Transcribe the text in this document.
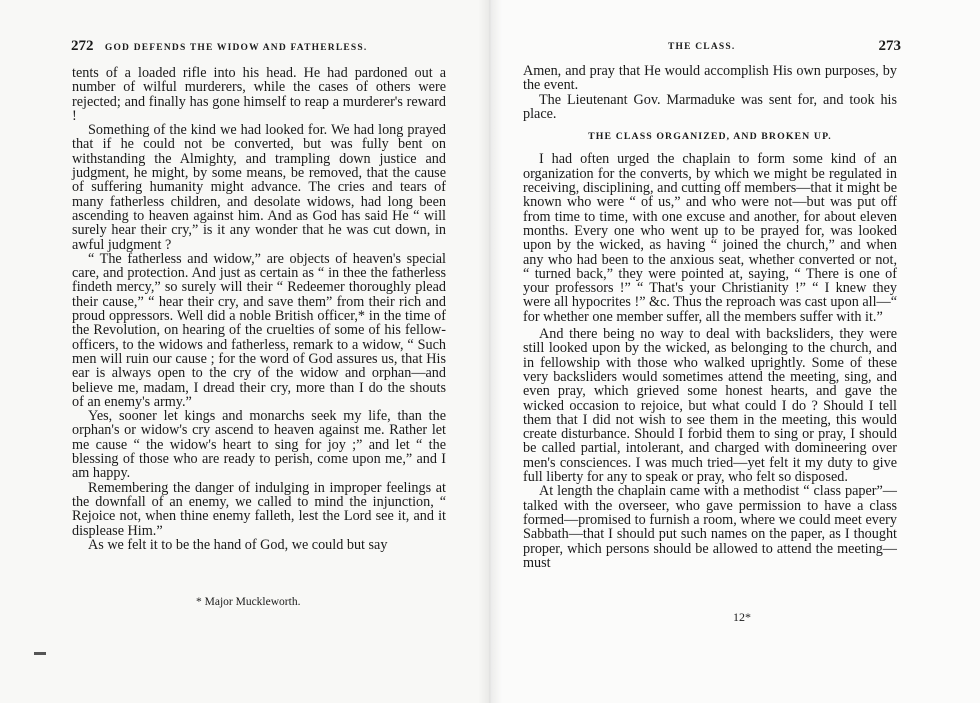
272 GOD DEFENDS THE WIDOW AND FATHERLESS.

tents of a loaded rifle into his head. He had pardoned out a number of wilful murderers, while the cases of others were rejected; and finally has gone himself to reap a murderer's reward !

Something of the kind we had looked for. We had long prayed that if he could not be converted, but was fully bent on withstanding the Almighty, and trampling down justice and judgment, he might, by some means, be removed, that the cause of suffering humanity might advance. The cries and tears of many fatherless children, and desolate widows, had long been ascending to heaven against him. And as God has said He “ will surely hear their cry,” is it any wonder that he was cut down, in awful judgment ?

“ The fatherless and widow,” are objects of heaven's special care, and protection. And just as certain as “ in thee the fatherless findeth mercy,” so surely will their “ Redeemer thoroughly plead their cause,” “ hear their cry, and save them” from their rich and proud oppressors. Well did a noble British officer,* in the time of the Revolution, on hearing of the cruelties of some of his fellow-officers, to the widows and fatherless, remark to a widow, “ Such men will ruin our cause ; for the word of God assures us, that His ear is always open to the cry of the widow and orphan—and believe me, madam, I dread their cry, more than I do the shouts of an enemy's army.”

Yes, sooner let kings and monarchs seek my life, than the orphan's or widow's cry ascend to heaven against me. Rather let me cause “ the widow's heart to sing for joy ;” and let “ the blessing of those who are ready to perish, come upon me,” and I am happy.

Remembering the danger of indulging in improper feelings at the downfall of an enemy, we called to mind the injunction, “ Rejoice not, when thine enemy falleth, lest the Lord see it, and it displease Him.”

As we felt it to be the hand of God, we could but say

* Major Muckleworth.
THE CLASS.	273

Amen, and pray that He would accomplish His own purposes, by the event.

The Lieutenant Gov. Marmaduke was sent for, and took his place.

THE CLASS ORGANIZED, AND BROKEN UP.

I had often urged the chaplain to form some kind of an organization for the converts, by which we might be regulated in receiving, disciplining, and cutting off members—that it might be known who were “ of us,” and who were not—but was put off from time to time, with one excuse and another, for about eleven months. Every one who went up to be prayed for, was looked upon by the wicked, as having “ joined the church,” and when any who had been to the anxious seat, whether converted or not, “ turned back,” they were pointed at, saying, “ There is one of your professors !” “ That's your Christianity !” “ I knew they were all hypocrites !” &c. Thus the reproach was cast upon all—“ for whether one member suffer, all the members suffer with it.”

And there being no way to deal with backsliders, they were still looked upon by the wicked, as belonging to the church, and in fellowship with those who walked uprightly. Some of these very backsliders would sometimes attend the meeting, sing, and even pray, which grieved some honest hearts, and gave the wicked occasion to rejoice, but what could I do ? Should I tell them that I did not wish to see them in the meeting, this would create disturbance. Should I forbid them to sing or pray, I should be called partial, intolerant, and charged with domineering over men's consciences. I was much tried—yet felt it my duty to give full liberty for any to speak or pray, who felt so disposed.

At length the chaplain came with a methodist “ class paper”—talked with the overseer, who gave permission to have a class formed—promised to furnish a room, where we could meet every Sabbath—that I should put such names on the paper, as I thought proper, which persons should be allowed to attend the meeting—must

12*
